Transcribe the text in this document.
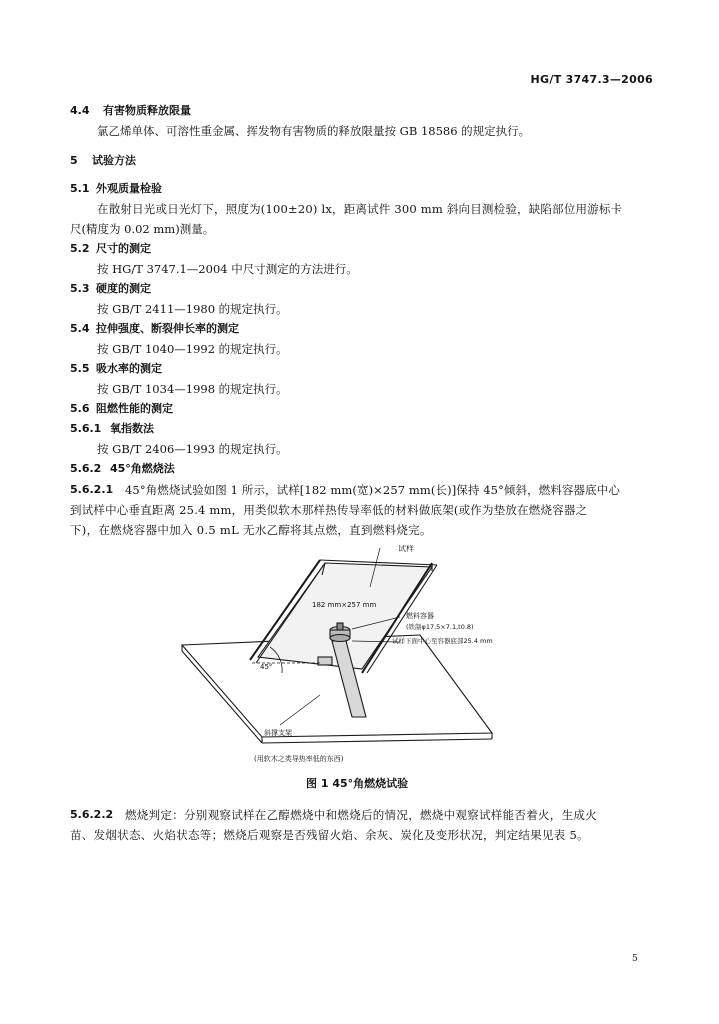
HG/T 3747.3—2006
4.4 有害物质释放限量
氯乙烯单体、可溶性重金属、挥发物有害物质的释放限量按 GB 18586 的规定执行。
5 试验方法
5.1 外观质量检验
在散射日光或日光灯下，照度为(100±20) lx，距离试件 300 mm 斜向目测检验，缺陷部位用游标卡
尺(精度为 0.02 mm)测量。
5.2 尺寸的测定
按 HG/T 3747.1—2004 中尺寸测定的方法进行。
5.3 硬度的测定
按 GB/T 2411—1980 的规定执行。
5.4 拉伸强度、断裂伸长率的测定
按 GB/T 1040—1992 的规定执行。
5.5 吸水率的测定
按 GB/T 1034—1998 的规定执行。
5.6 阻燃性能的测定
5.6.1 氧指数法
按 GB/T 2406—1993 的规定执行。
5.6.2 45°角燃烧法
5.6.2.1 45°角燃烧试验如图 1 所示，试样[182 mm(宽)×257 mm(长)]保持 45°倾斜，燃料容器底中心
到试样中心垂直距离 25.4 mm，用类似软木那样热传导率低的材料做底架(或作为垫放在燃烧容器之
下)，在燃烧容器中加入 0.5 mL 无水乙醇将其点燃，直到燃料烧完。
试样
182 mm×257 mm
燃料容器
(铁制φ17.5×7.1,t0.8)
试样下面中心至容器底部25.4 mm
45°
斜撑支架
(用软木之类导热率低的东西)
图 1 45°角燃烧试验
5.6.2.2 燃烧判定：分别观察试样在乙醇燃烧中和燃烧后的情况，燃烧中观察试样能否着火，生成火
苗、发烟状态、火焰状态等；燃烧后观察是否残留火焰、余灰、炭化及变形状况，判定结果见表 5。
5
